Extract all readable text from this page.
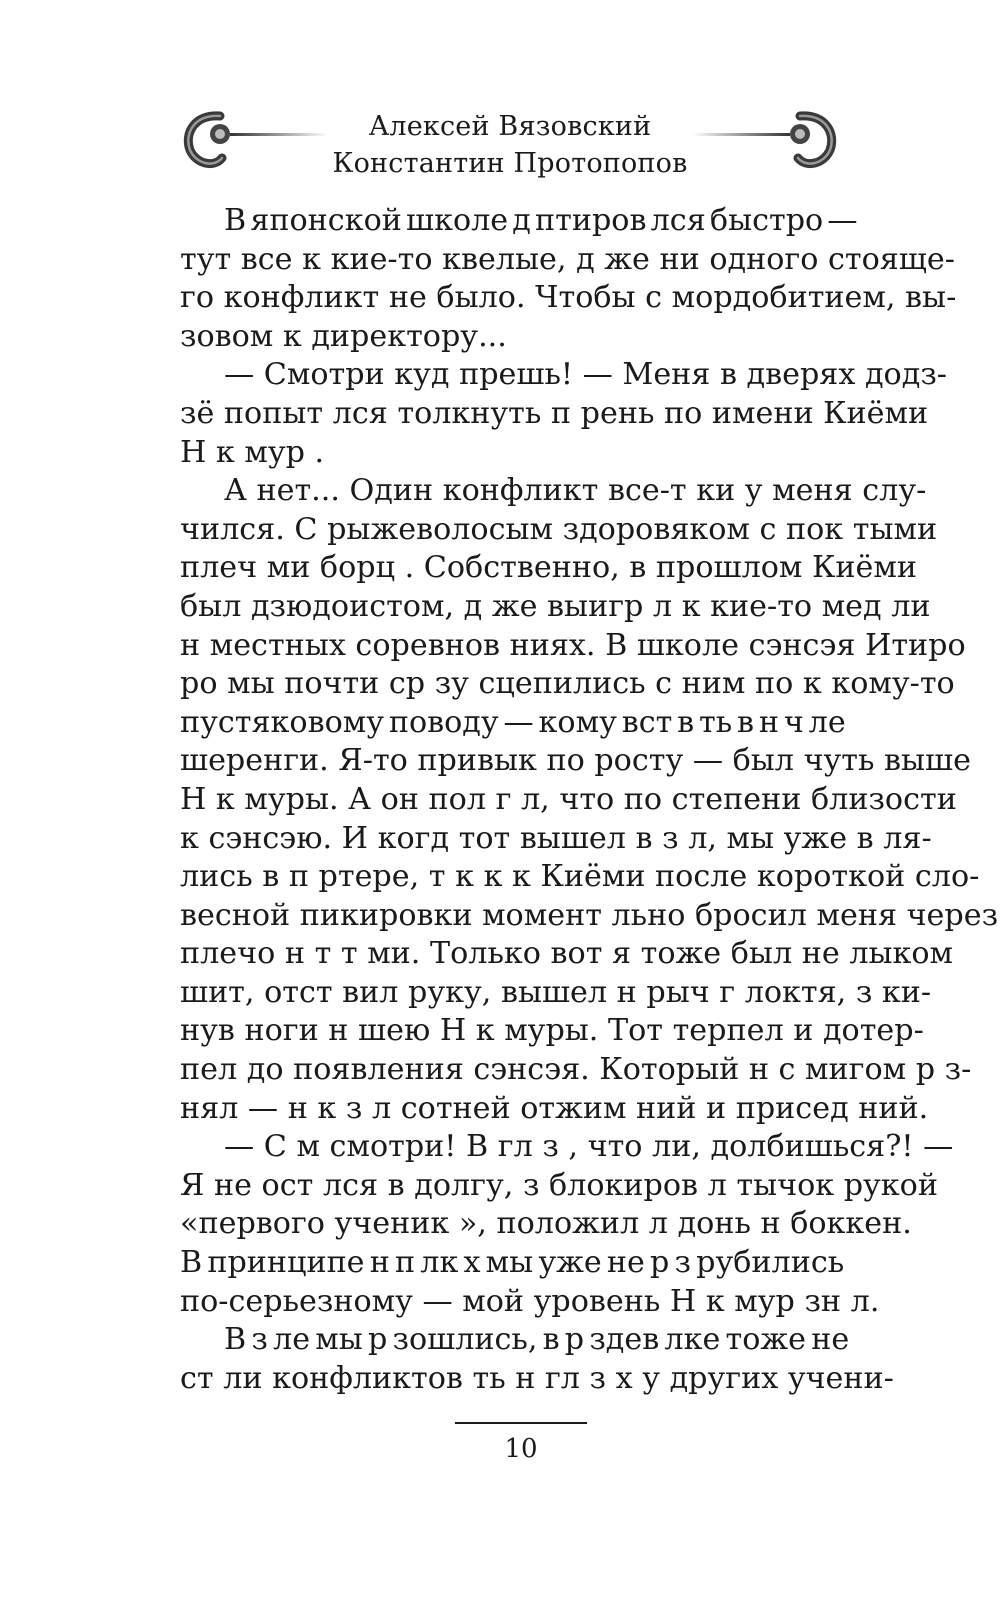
Алексей Вязовский
Константин Протопопов
В японской школе д птиров лся быстро —
тут все к кие-то квелые, д же ни одного стояще-
го конфликт не было. Чтобы с мордобитием, вы-
зовом к директору...
— Смотри куд прешь! — Меня в дверях додз-
зё попыт лся толкнуть п рень по имени Киёми
Н к мур .
А нет... Один конфликт все-т ки у меня слу-
чился. С рыжеволосым здоровяком с пок тыми
плеч ми борц . Собственно, в прошлом Киёми
был дзюдоистом, д же выигр л к кие-то мед ли
н местных соревнов ниях. В школе сэнсэя Итиро
ро мы почти ср зу сцепились с ним по к кому-то
пустяковому поводу — кому вст в ть в н ч ле
шеренги. Я-то привык по росту — был чуть выше
Н к муры. А он пол г л, что по степени близости
к сэнсэю. И когд тот вышел в з л, мы уже в ля-
лись в п ртере, т к к к Киёми после короткой сло-
весной пикировки момент льно бросил меня через
плечо н т т ми. Только вот я тоже был не лыком
шит, отст вил руку, вышел н рыч г локтя, з ки-
нув ноги н шею Н к муры. Тот терпел и дотер-
пел до появления сэнсэя. Который н с мигом р з-
нял — н к з л сотней отжим ний и присед ний.
— С м смотри! В гл з , что ли, долбишься?! —
Я не ост лся в долгу, з блокиров л тычок рукой
«первого ученик », положил л донь н боккен.
В принципе н п лк х мы уже не р з рубились
по-серьезному — мой уровень Н к мур зн л.
В з ле мы р зошлись, в р здев лке тоже не
ст ли конфликтов ть н гл з х у других учени-
10
